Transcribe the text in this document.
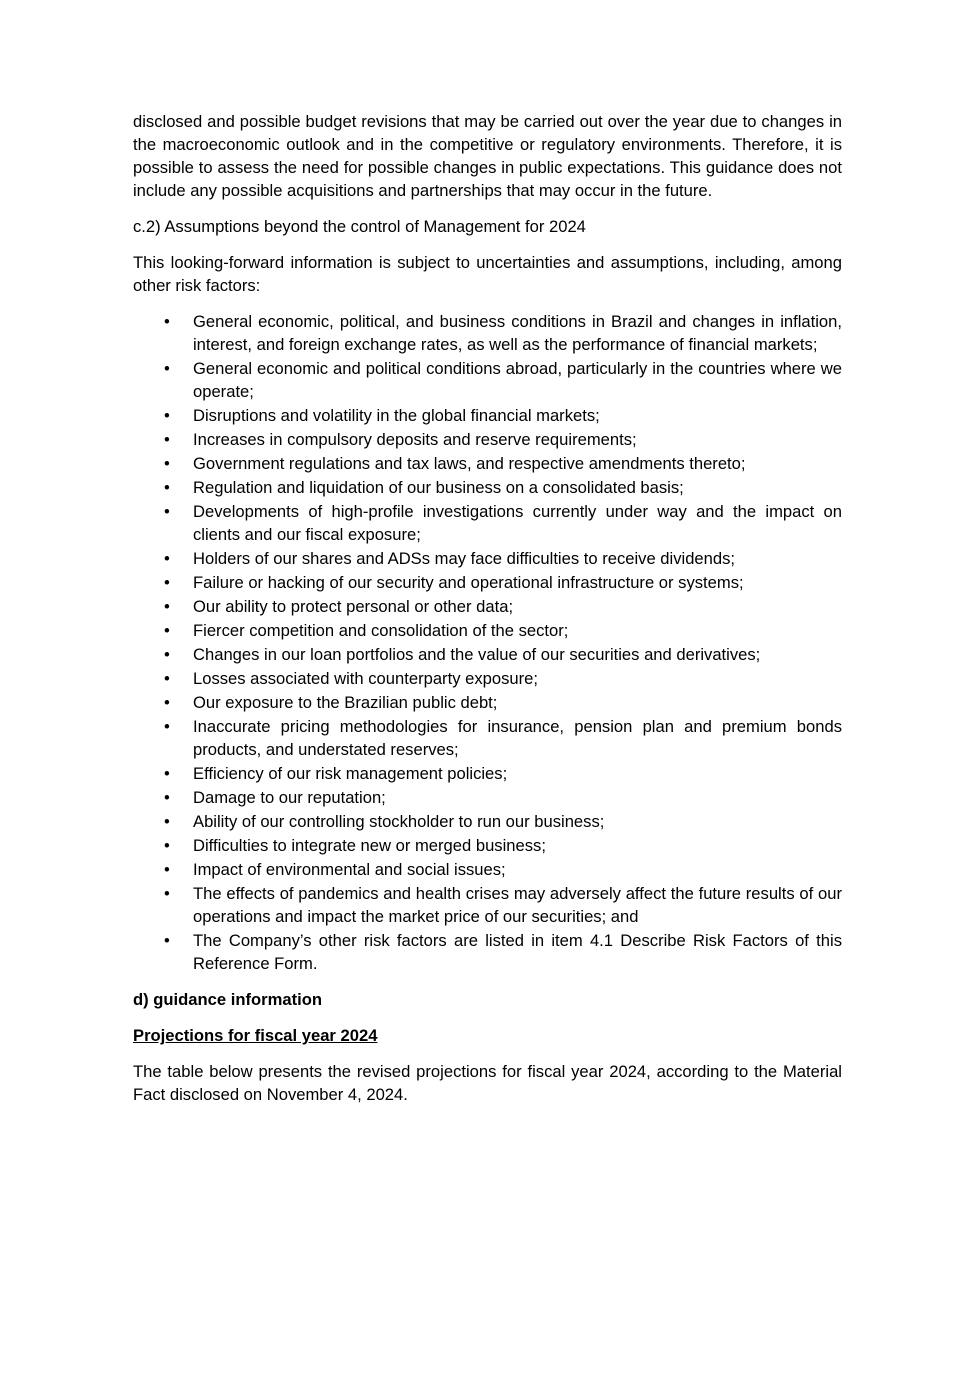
disclosed and possible budget revisions that may be carried out over the year due to changes in the macroeconomic outlook and in the competitive or regulatory environments. Therefore, it is possible to assess the need for possible changes in public expectations. This guidance does not include any possible acquisitions and partnerships that may occur in the future.

c.2) Assumptions beyond the control of Management for 2024

This looking-forward information is subject to uncertainties and assumptions, including, among other risk factors:

• General economic, political, and business conditions in Brazil and changes in inflation, interest, and foreign exchange rates, as well as the performance of financial markets;
• General economic and political conditions abroad, particularly in the countries where we operate;
• Disruptions and volatility in the global financial markets;
• Increases in compulsory deposits and reserve requirements;
• Government regulations and tax laws, and respective amendments thereto;
• Regulation and liquidation of our business on a consolidated basis;
• Developments of high-profile investigations currently under way and the impact on clients and our fiscal exposure;
• Holders of our shares and ADSs may face difficulties to receive dividends;
• Failure or hacking of our security and operational infrastructure or systems;
• Our ability to protect personal or other data;
• Fiercer competition and consolidation of the sector;
• Changes in our loan portfolios and the value of our securities and derivatives;
• Losses associated with counterparty exposure;
• Our exposure to the Brazilian public debt;
• Inaccurate pricing methodologies for insurance, pension plan and premium bonds products, and understated reserves;
• Efficiency of our risk management policies;
• Damage to our reputation;
• Ability of our controlling stockholder to run our business;
• Difficulties to integrate new or merged business;
• Impact of environmental and social issues;
• The effects of pandemics and health crises may adversely affect the future results of our operations and impact the market price of our securities; and
• The Company’s other risk factors are listed in item 4.1 Describe Risk Factors of this Reference Form.

d) guidance information

Projections for fiscal year 2024

The table below presents the revised projections for fiscal year 2024, according to the Material Fact disclosed on November 4, 2024.
